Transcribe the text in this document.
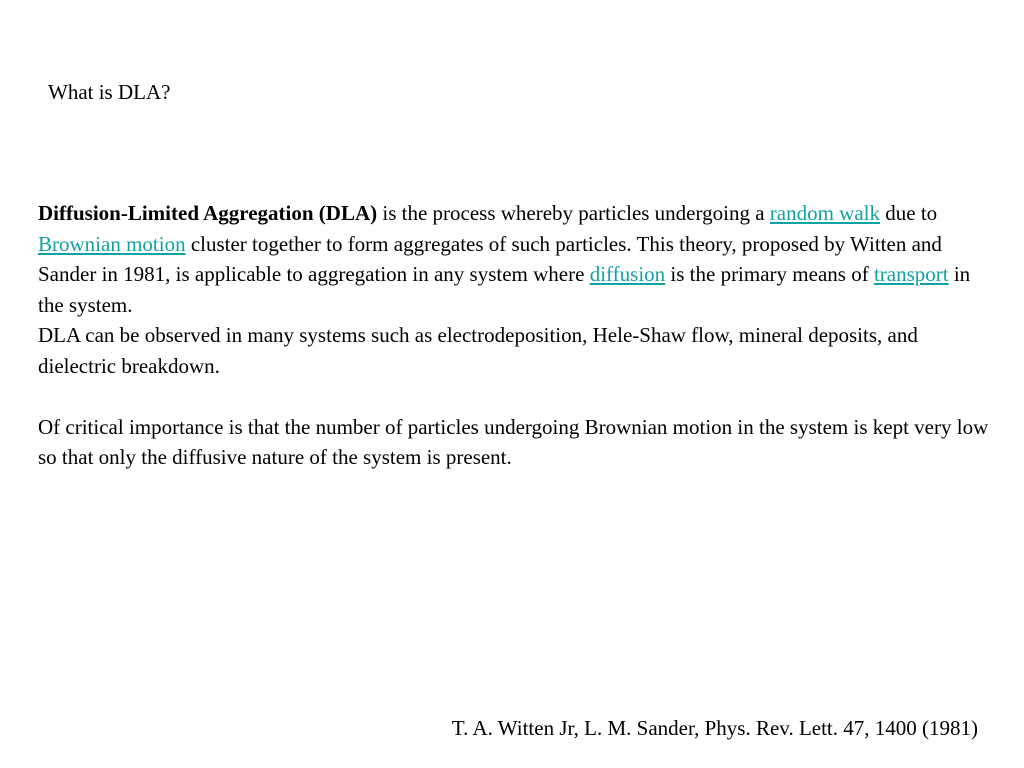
What is DLA?

Diffusion-Limited Aggregation (DLA) is the process whereby particles undergoing a random walk due to Brownian motion cluster together to form aggregates of such particles. This theory, proposed by Witten and Sander in 1981, is applicable to aggregation in any system where diffusion is the primary means of transport in the system.

DLA can be observed in many systems such as electrodeposition, Hele-Shaw flow, mineral deposits, and dielectric breakdown.

Of critical importance is that the number of particles undergoing Brownian motion in the system is kept very low so that only the diffusive nature of the system is present.

T. A. Witten Jr, L. M. Sander, Phys. Rev. Lett. 47, 1400 (1981)
